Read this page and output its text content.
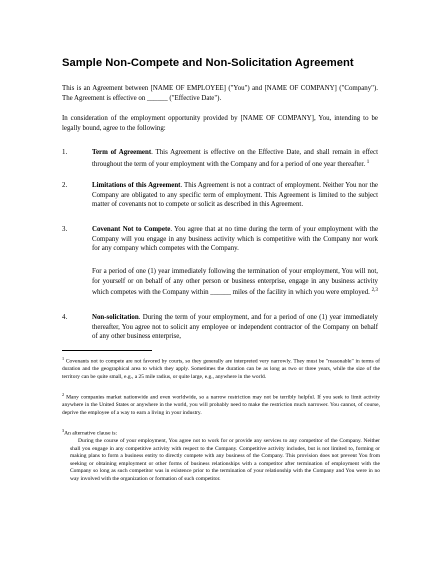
Sample Non-Compete and Non-Solicitation Agreement
This is an Agreement between [NAME OF EMPLOYEE] ("You") and [NAME OF COMPANY] ("Company"). The Agreement is effective on ______ ("Effective Date").
In consideration of the employment opportunity provided by [NAME OF COMPANY], You, intending to be legally bound, agree to the following:
1.	Term of Agreement. This Agreement is effective on the Effective Date, and shall remain in effect throughout the term of your employment with the Company and for a period of one year thereafter. $^1$
2.	Limitations of this Agreement. This Agreement is not a contract of employment. Neither You nor the Company are obligated to any specific term of employment. This Agreement is limited to the subject matter of covenants not to compete or solicit as described in this Agreement.
3.	Covenant Not to Compete. You agree that at no time during the term of your employment with the Company will you engage in any business activity which is competitive with the Company nor work for any company which competes with the Company.
For a period of one (1) year immediately following the termination of your employment, You will not, for yourself or on behalf of any other person or business enterprise, engage in any business activity which competes with the Company within ______ miles of the facility in which you were employed. $^{2,3}$
4.	Non-solicitation. During the term of your employment, and for a period of one (1) year immediately thereafter, You agree not to solicit any employee or independent contractor of the Company on behalf of any other business enterprise,
$^1$ Covenants not to compete are not favored by courts, so they generally are interpreted very narrowly. They must be "reasonable" in terms of duration and the geographical area to which they apply. Sometimes the duration can be as long as two or three years, while the size of the territory can be quite small, e.g., a 25 mile radius, or quite large, e.g., anywhere in the world.
$^2$ Many companies market nationwide and even worldwide, so a narrow restriction may not be terribly helpful. If you seek to limit activity anywhere in the United States or anywhere in the world, you will probably need to make the restriction much narrower. You cannot, of course, deprive the employee of a way to earn a living in your industry.
$^3$An alternative clause is:
During the course of your employment, You agree not to work for or provide any services to any competitor of the Company. Neither shall you engage in any competitive activity with respect to the Company. Competitive activity includes, but is not limited to, forming or making plans to form a business entity to directly compete with any business of the Company. This provision does not prevent You from seeking or obtaining employment or other forms of business relationships with a competitor after termination of employment with the Company so long as such competitor was in existence prior to the termination of your relationship with the Company and You were in no way involved with the organization or formation of such competitor.
